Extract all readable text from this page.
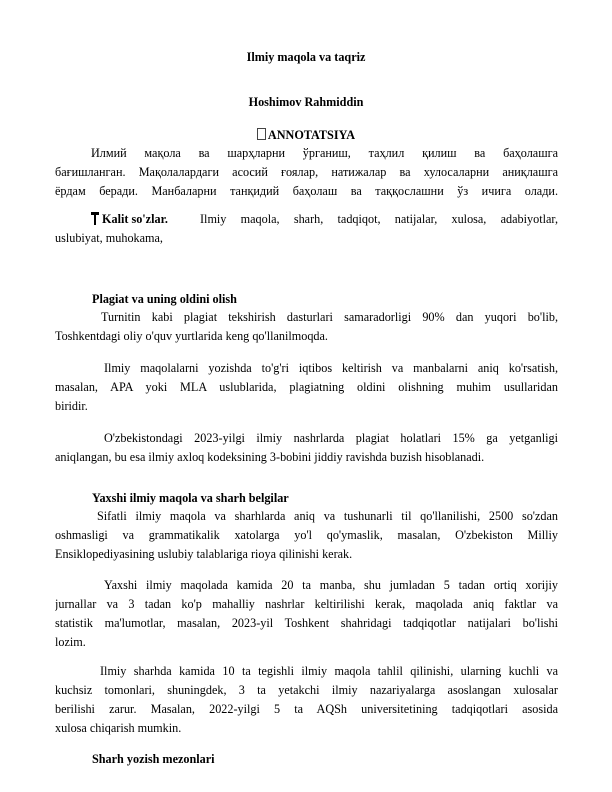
Ilmiy maqola va taqriz
Hoshimov Rahmiddin
ANNOTATSIYA
Илмий мақола ва шарҳларни ўрганиш, таҳлил қилиш ва баҳолашга
бағишланган. Мақолалардаги асосий ғоялар, натижалар ва хулосаларни аниқлашга
ёрдам беради. Манбаларни танқидий баҳолаш ва таққослашни ўз ичига олади.
Kalit so'zlar.	Ilmiy maqola, sharh, tadqiqot, natijalar, xulosa, adabiyotlar,
uslubiyat, muhokama,
Plagiat va uning oldini olish
Turnitin kabi plagiat tekshirish dasturlari samaradorligi 90% dan yuqori bo'lib,
Toshkentdagi oliy o'quv yurtlarida keng qo'llanilmoqda.
Ilmiy maqolalarni yozishda to'g'ri iqtibos keltirish va manbalarni aniq ko'rsatish,
masalan, APA yoki MLA uslublarida, plagiatning oldini olishning muhim usullaridan
biridir.
O'zbekistondagi 2023-yilgi ilmiy nashrlarda plagiat holatlari 15% ga yetganligi
aniqlangan, bu esa ilmiy axloq kodeksining 3-bobini jiddiy ravishda buzish hisoblanadi.
Yaxshi ilmiy maqola va sharh belgilar
Sifatli ilmiy maqola va sharhlarda aniq va tushunarli til qo'llanilishi, 2500 so'zdan
oshmasligi va grammatikalik xatolarga yo'l qo'ymaslik, masalan, O'zbekiston Milliy
Ensiklopediyasining uslubiy talablariga rioya qilinishi kerak.
Yaxshi ilmiy maqolada kamida 20 ta manba, shu jumladan 5 tadan ortiq xorijiy
jurnallar va 3 tadan ko'p mahalliy nashrlar keltirilishi kerak, maqolada aniq faktlar va
statistik ma'lumotlar, masalan, 2023-yil Toshkent shahridagi tadqiqotlar natijalari bo'lishi
lozim.
Ilmiy sharhda kamida 10 ta tegishli ilmiy maqola tahlil qilinishi, ularning kuchli va
kuchsiz tomonlari, shuningdek, 3 ta yetakchi ilmiy nazariyalarga asoslangan xulosalar
berilishi zarur. Masalan, 2022-yilgi 5 ta AQSh universitetining tadqiqotlari asosida
xulosa chiqarish mumkin.
Sharh yozish mezonlari
